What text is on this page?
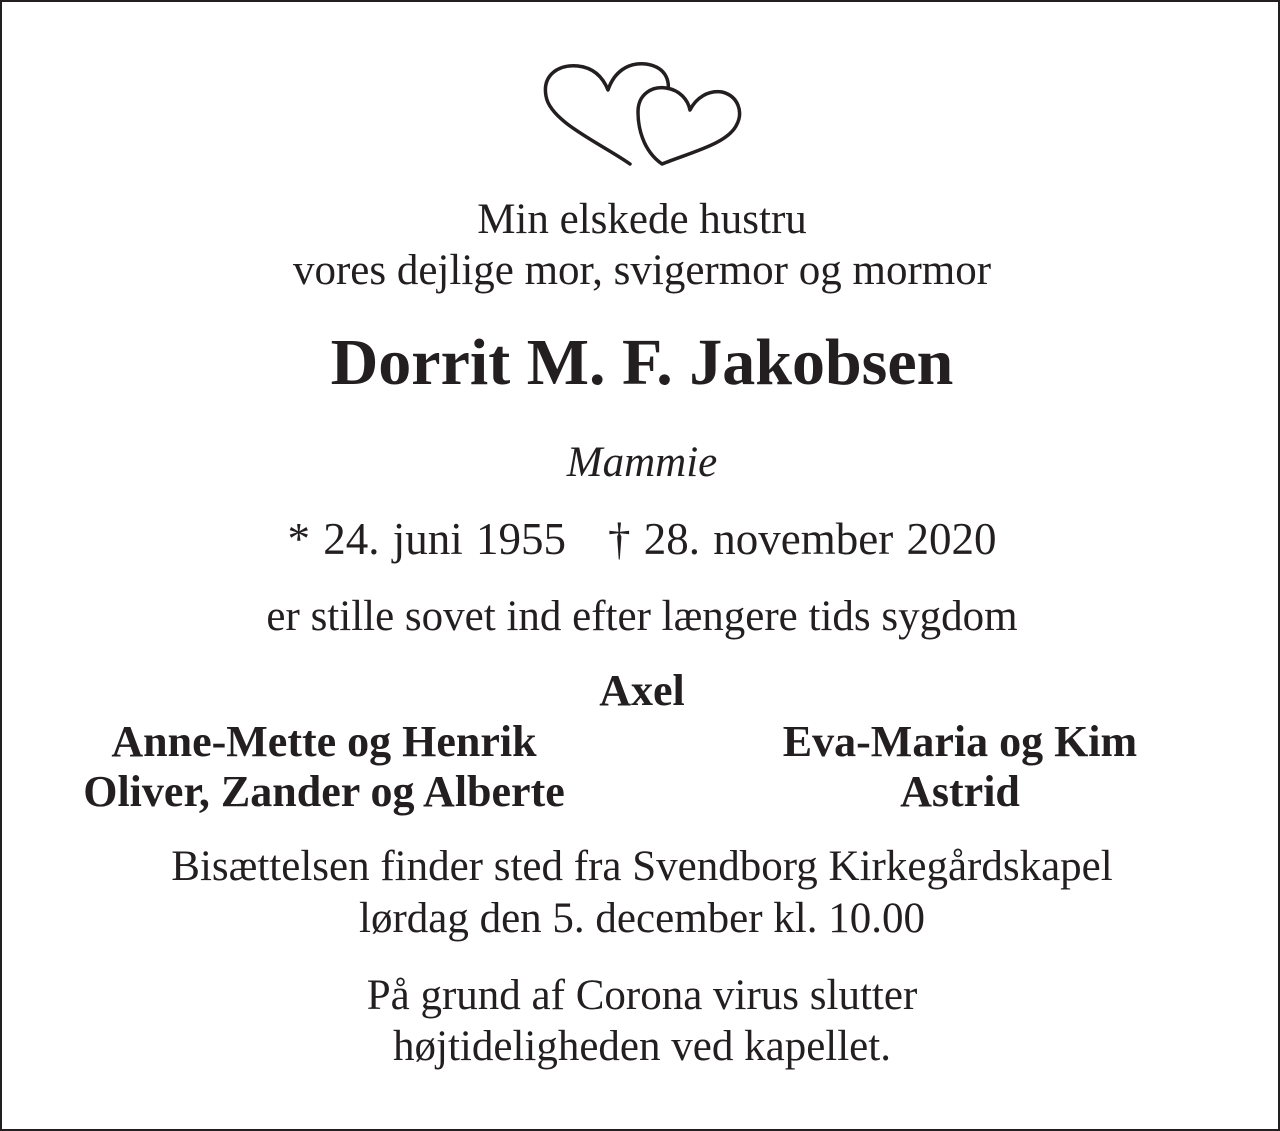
Min elskede hustru
vores dejlige mor, svigermor og mormor
Dorrit M. F. Jakobsen
Mammie
* 24. juni 1955 † 28. november 2020
er stille sovet ind efter længere tids sygdom
Axel
Anne-Mette og Henrik
Oliver, Zander og Alberte
Eva-Maria og Kim
Astrid
Bisættelsen finder sted fra Svendborg Kirkegårdskapel
lørdag den 5. december kl. 10.00
På grund af Corona virus slutter
højtideligheden ved kapellet.
